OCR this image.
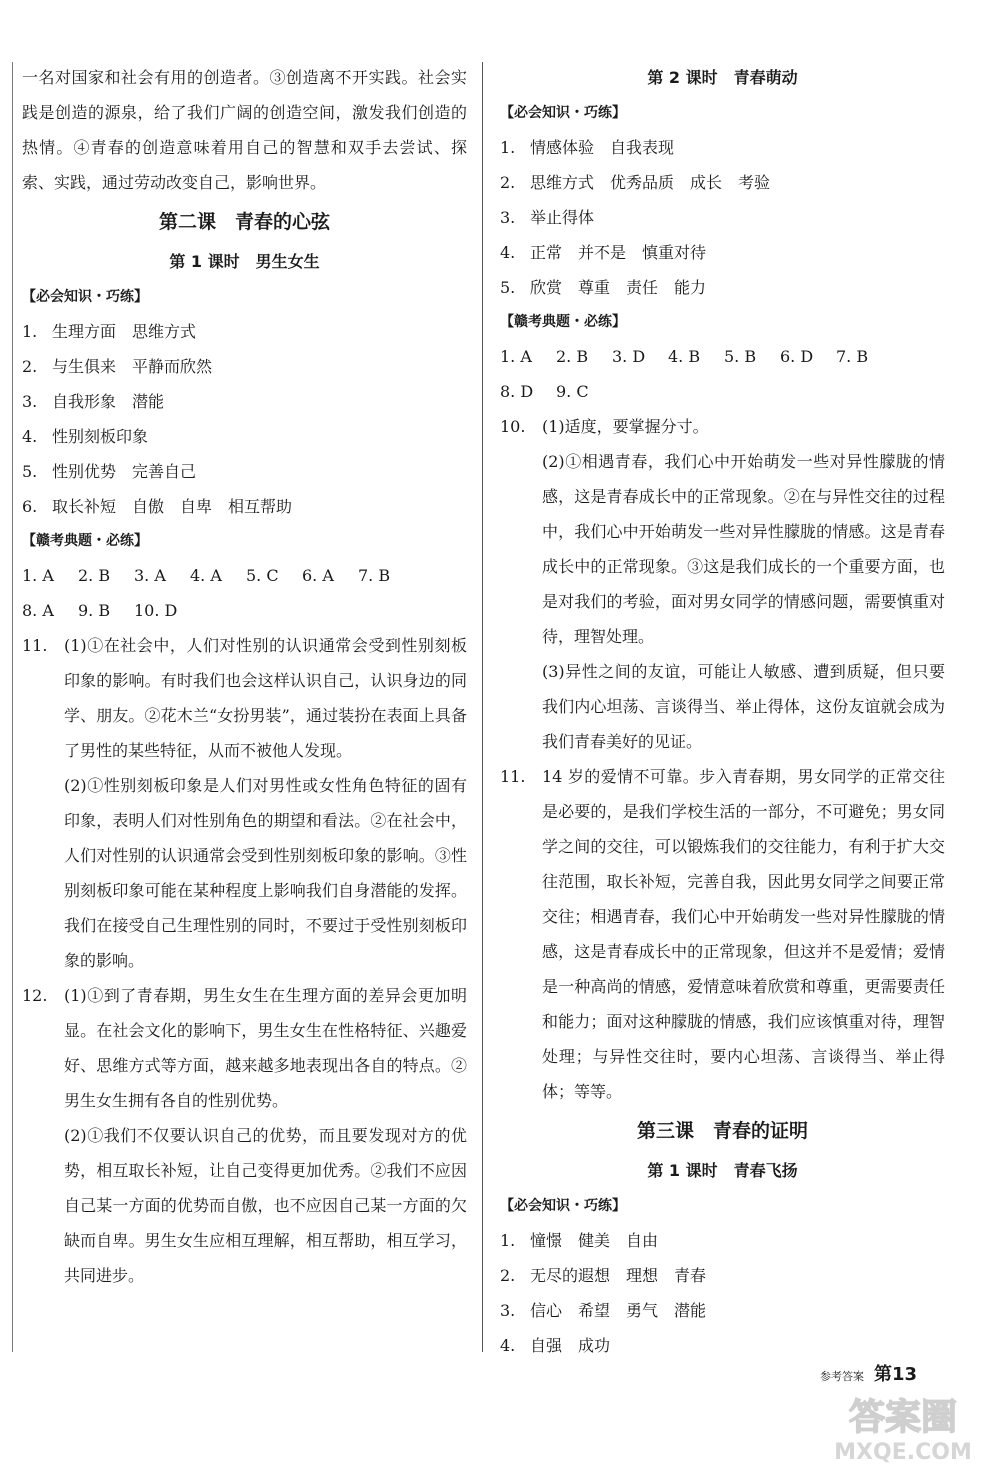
一名对国家和社会有用的创造者。③创造离不开实践。社会实践是创造的源泉，给了我们广阔的创造空间，激发我们创造的热情。④青春的创造意味着用自己的智慧和双手去尝试、探索、实践，通过劳动改变自己，影响世界。
第二课　青春的心弦
第 1 课时　男生女生
【必会知识・巧练】
1. 生理方面　思维方式
2. 与生俱来　平静而欣然
3. 自我形象　潜能
4. 性别刻板印象
5. 性别优势　完善自己
6. 取长补短　自傲　自卑　相互帮助
【赣考典题・必练】
1. A	2. B	3. A	4. A	5. C	6. A	7. B
8. A	9. B	10. D
11.	(1)①在社会中，人们对性别的认识通常会受到性别刻板印象的影响。有时我们也会这样认识自己，认识身边的同学、朋友。②花木兰“女扮男装”，通过装扮在表面上具备了男性的某些特征，从而不被他人发现。
(2)①性别刻板印象是人们对男性或女性角色特征的固有印象，表明人们对性别角色的期望和看法。②在社会中，人们对性别的认识通常会受到性别刻板印象的影响。③性别刻板印象可能在某种程度上影响我们自身潜能的发挥。我们在接受自己生理性别的同时，不要过于受性别刻板印象的影响。
12.	(1)①到了青春期，男生女生在生理方面的差异会更加明显。在社会文化的影响下，男生女生在性格特征、兴趣爱好、思维方式等方面，越来越多地表现出各自的特点。②男生女生拥有各自的性别优势。
(2)①我们不仅要认识自己的优势，而且要发现对方的优势，相互取长补短，让自己变得更加优秀。②我们不应因自己某一方面的优势而自傲，也不应因自己某一方面的欠缺而自卑。男生女生应相互理解，相互帮助，相互学习，共同进步。
第 2 课时　青春萌动
【必会知识・巧练】
1. 情感体验　自我表现
2. 思维方式　优秀品质　成长　考验
3. 举止得体
4. 正常　并不是　慎重对待
5. 欣赏　尊重　责任　能力
【赣考典题・必练】
1. A	2. B	3. D	4. B	5. B	6. D	7. B
8. D	9. C
10.	(1)适度，要掌握分寸。
(2)①相遇青春，我们心中开始萌发一些对异性朦胧的情感，这是青春成长中的正常现象。②在与异性交往的过程中，我们心中开始萌发一些对异性朦胧的情感。这是青春成长中的正常现象。③这是我们成长的一个重要方面，也是对我们的考验，面对男女同学的情感问题，需要慎重对待，理智处理。
(3)异性之间的友谊，可能让人敏感、遭到质疑，但只要我们内心坦荡、言谈得当、举止得体，这份友谊就会成为我们青春美好的见证。
11.	14 岁的爱情不可靠。步入青春期，男女同学的正常交往是必要的，是我们学校生活的一部分，不可避免；男女同学之间的交往，可以锻炼我们的交往能力，有利于扩大交往范围，取长补短，完善自我，因此男女同学之间要正常交往；相遇青春，我们心中开始萌发一些对异性朦胧的情感，这是青春成长中的正常现象，但这并不是爱情；爱情是一种高尚的情感，爱情意味着欣赏和尊重，更需要责任和能力；面对这种朦胧的情感，我们应该慎重对待，理智处理；与异性交往时，要内心坦荡、言谈得当、举止得体；等等。
第三课　青春的证明
第 1 课时　青春飞扬
【必会知识・巧练】
1. 憧憬　健美　自由
2. 无尽的遐想　理想　青春
3. 信心　希望　勇气　潜能
4. 自强　成功
参考答案 第13
答案圈
MXQE.COM
